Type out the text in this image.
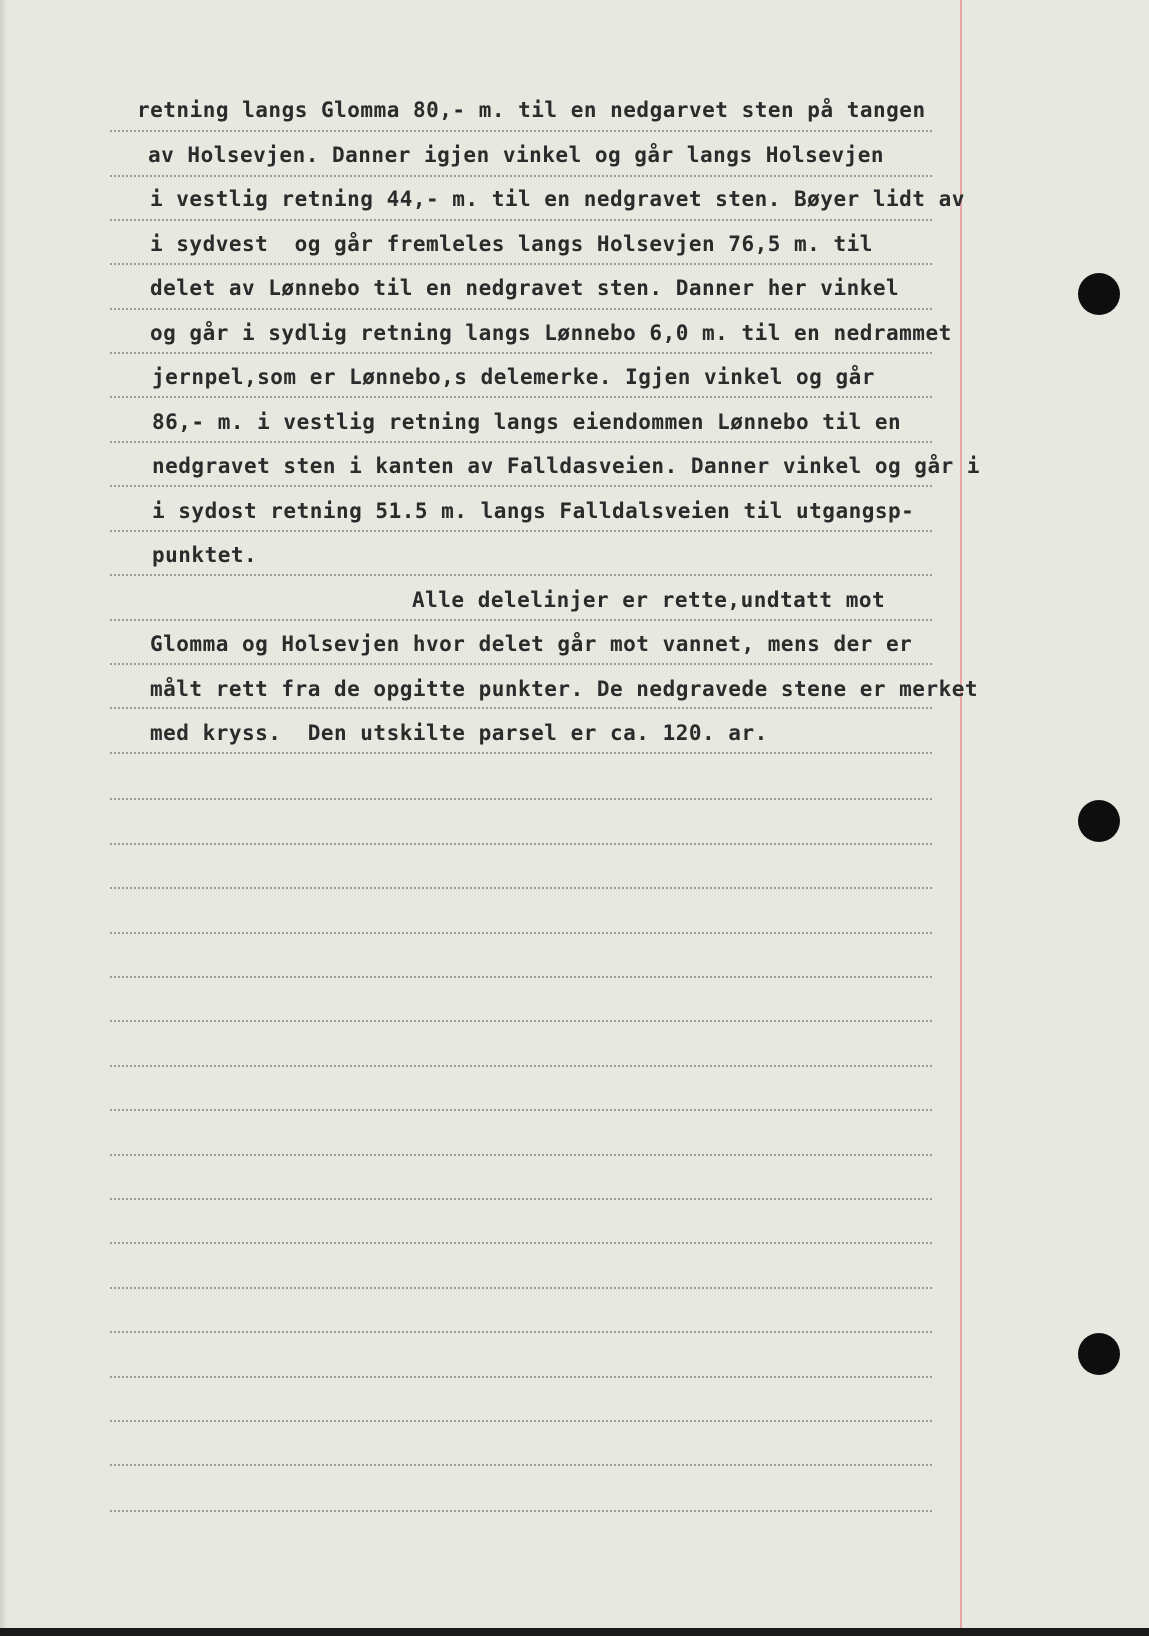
retning langs Glomma 80,- m. til en nedgarvet sten på tangen
av Holsevjen. Danner igjen vinkel og går langs Holsevjen
i vestlig retning 44,- m. til en nedgravet sten. Bøyer lidt av
i sydvest  og går fremleles langs Holsevjen 76,5 m. til
delet av Lønnebo til en nedgravet sten. Danner her vinkel
og går i sydlig retning langs Lønnebo 6,0 m. til en nedrammet
jernpel,som er Lønnebo,s delemerke. Igjen vinkel og går
86,- m. i vestlig retning langs eiendommen Lønnebo til en
nedgravet sten i kanten av Falldasveien. Danner vinkel og går i
i sydost retning 51.5 m. langs Falldalsveien til utgangsp-
punktet.
Alle delelinjer er rette,undtatt mot
Glomma og Holsevjen hvor delet går mot vannet, mens der er
målt rett fra de opgitte punkter. De nedgravede stene er merket
med kryss.  Den utskilte parsel er ca. 120. ar.
